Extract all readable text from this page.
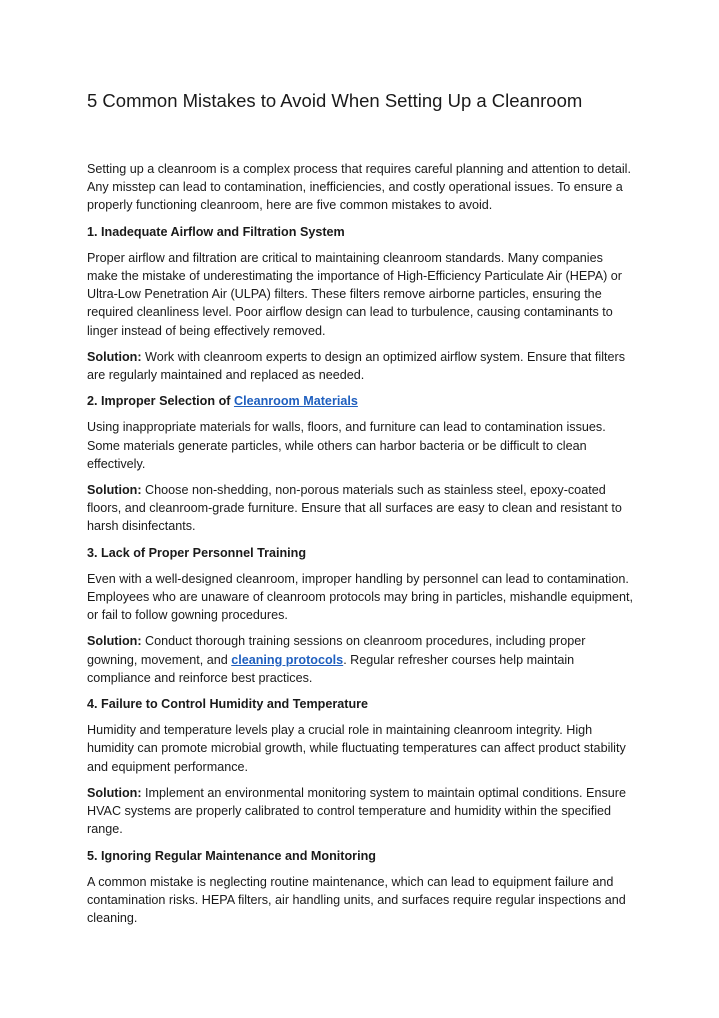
5 Common Mistakes to Avoid When Setting Up a Cleanroom

Setting up a cleanroom is a complex process that requires careful planning and attention to detail. Any misstep can lead to contamination, inefficiencies, and costly operational issues. To ensure a properly functioning cleanroom, here are five common mistakes to avoid.

1. Inadequate Airflow and Filtration System

Proper airflow and filtration are critical to maintaining cleanroom standards. Many companies make the mistake of underestimating the importance of High-Efficiency Particulate Air (HEPA) or Ultra-Low Penetration Air (ULPA) filters. These filters remove airborne particles, ensuring the required cleanliness level. Poor airflow design can lead to turbulence, causing contaminants to linger instead of being effectively removed.

Solution: Work with cleanroom experts to design an optimized airflow system. Ensure that filters are regularly maintained and replaced as needed.

2. Improper Selection of Cleanroom Materials

Using inappropriate materials for walls, floors, and furniture can lead to contamination issues. Some materials generate particles, while others can harbor bacteria or be difficult to clean effectively.

Solution: Choose non-shedding, non-porous materials such as stainless steel, epoxy-coated floors, and cleanroom-grade furniture. Ensure that all surfaces are easy to clean and resistant to harsh disinfectants.

3. Lack of Proper Personnel Training

Even with a well-designed cleanroom, improper handling by personnel can lead to contamination. Employees who are unaware of cleanroom protocols may bring in particles, mishandle equipment, or fail to follow gowning procedures.

Solution: Conduct thorough training sessions on cleanroom procedures, including proper gowning, movement, and cleaning protocols. Regular refresher courses help maintain compliance and reinforce best practices.

4. Failure to Control Humidity and Temperature

Humidity and temperature levels play a crucial role in maintaining cleanroom integrity. High humidity can promote microbial growth, while fluctuating temperatures can affect product stability and equipment performance.

Solution: Implement an environmental monitoring system to maintain optimal conditions. Ensure HVAC systems are properly calibrated to control temperature and humidity within the specified range.

5. Ignoring Regular Maintenance and Monitoring

A common mistake is neglecting routine maintenance, which can lead to equipment failure and contamination risks. HEPA filters, air handling units, and surfaces require regular inspections and cleaning.
